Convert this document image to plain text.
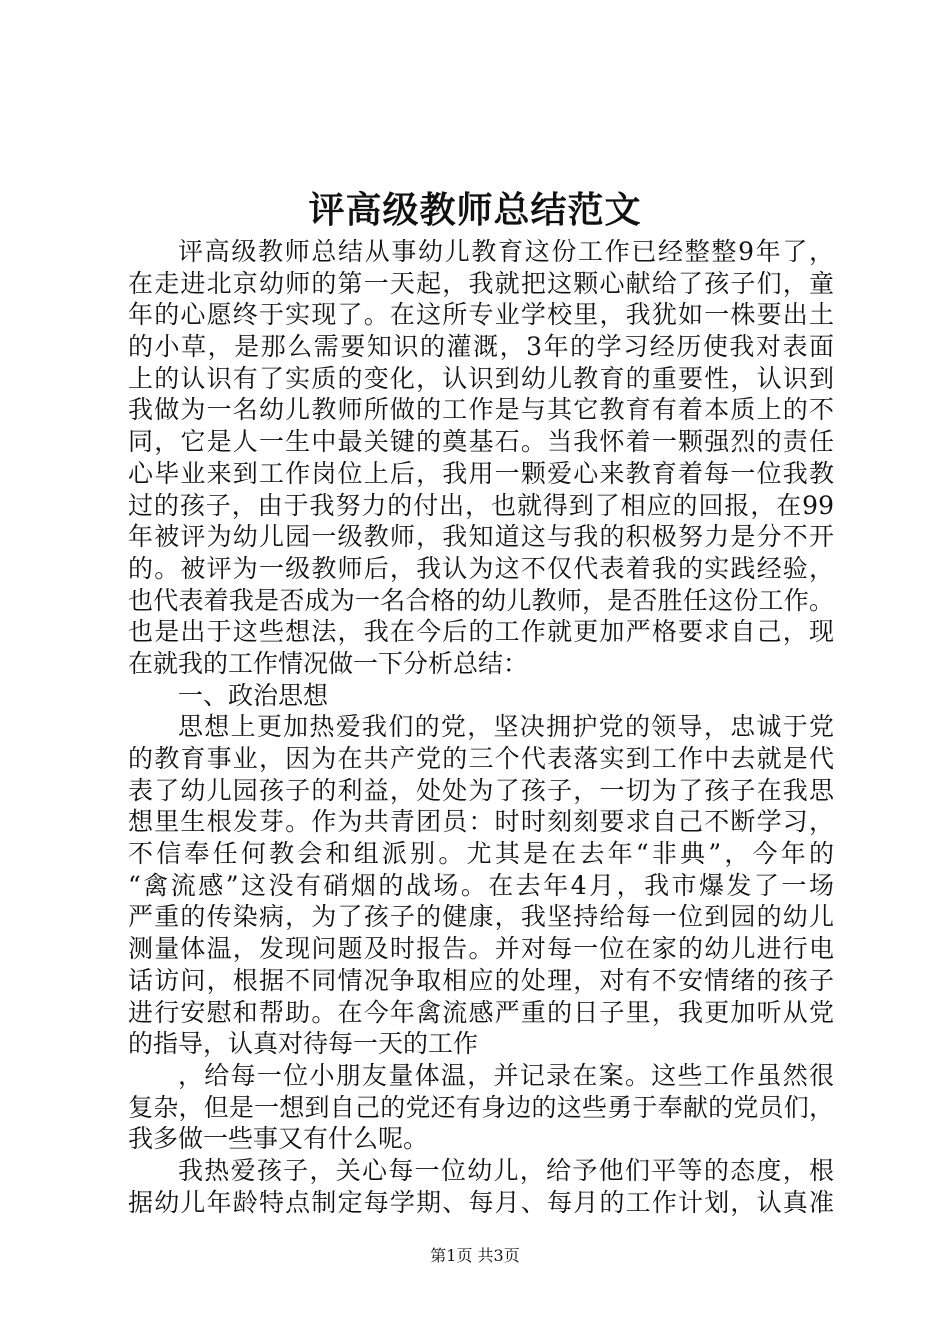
评高级教师总结范文
评高级教师总结从事幼儿教育这份工作已经整整9年了，
在走进北京幼师的第一天起，我就把这颗心献给了孩子们，童
年的心愿终于实现了。在这所专业学校里，我犹如一株要出土
的小草，是那么需要知识的灌溉，3年的学习经历使我对表面
上的认识有了实质的变化，认识到幼儿教育的重要性，认识到
我做为一名幼儿教师所做的工作是与其它教育有着本质上的不
同，它是人一生中最关键的奠基石。当我怀着一颗强烈的责任
心毕业来到工作岗位上后，我用一颗爱心来教育着每一位我教
过的孩子，由于我努力的付出，也就得到了相应的回报，在99
年被评为幼儿园一级教师，我知道这与我的积极努力是分不开
的。被评为一级教师后，我认为这不仅代表着我的实践经验，
也代表着我是否成为一名合格的幼儿教师，是否胜任这份工作。
也是出于这些想法，我在今后的工作就更加严格要求自己，现
在就我的工作情况做一下分析总结：
一、政治思想
思想上更加热爱我们的党，坚决拥护党的领导，忠诚于党
的教育事业，因为在共产党的三个代表落实到工作中去就是代
表了幼儿园孩子的利益，处处为了孩子，一切为了孩子在我思
想里生根发芽。作为共青团员：时时刻刻要求自己不断学习，
不信奉任何教会和组派别。尤其是在去年“非典”，今年的
“禽流感”这没有硝烟的战场。在去年4月，我市爆发了一场
严重的传染病，为了孩子的健康，我坚持给每一位到园的幼儿
测量体温，发现问题及时报告。并对每一位在家的幼儿进行电
话访问，根据不同情况争取相应的处理，对有不安情绪的孩子
进行安慰和帮助。在今年禽流感严重的日子里，我更加听从党
的指导，认真对待每一天的工作
，给每一位小朋友量体温，并记录在案。这些工作虽然很
复杂，但是一想到自己的党还有身边的这些勇于奉献的党员们，
我多做一些事又有什么呢。
我热爱孩子，关心每一位幼儿，给予他们平等的态度，根
据幼儿年龄特点制定每学期、每月、每月的工作计划，认真准
第1页 共3页
